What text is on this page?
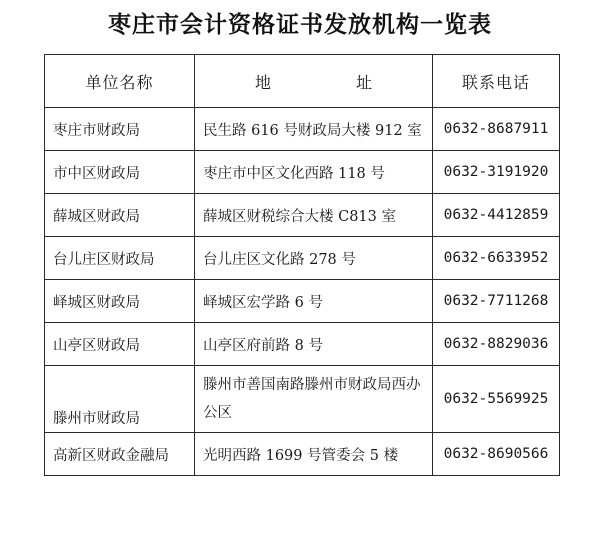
枣庄市会计资格证书发放机构一览表
单位名称	地 址	联系电话
枣庄市财政局	民生路 616 号财政局大楼 912 室	0632-8687911
市中区财政局	枣庄市中区文化西路 118 号	0632-3191920
薛城区财政局	薛城区财税综合大楼 C813 室	0632-4412859
台儿庄区财政局	台儿庄区文化路 278 号	0632-6633952
峄城区财政局	峄城区宏学路 6 号	0632-7711268
山亭区财政局	山亭区府前路 8 号	0632-8829036
滕州市财政局	滕州市善国南路滕州市财政局西办公区	0632-5569925
高新区财政金融局	光明西路 1699 号管委会 5 楼	0632-8690566
